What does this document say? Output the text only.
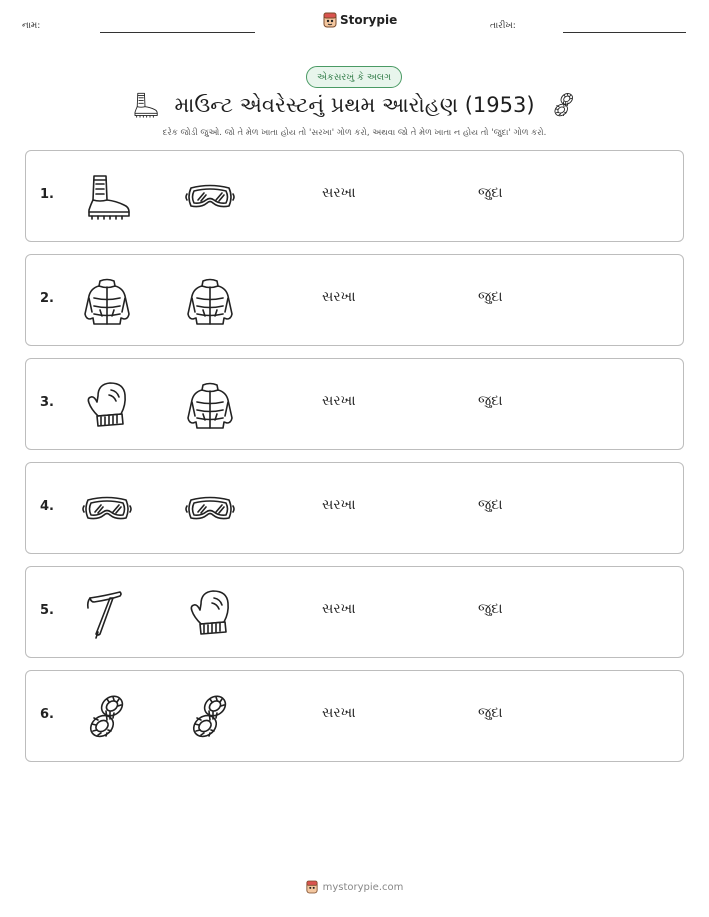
નામ:	Storypie	તારીખ:
એકસરખું કે અલગ
માઉન્ટ એવરેસ્ટનું પ્રથમ આરોહણ (1953)
દરેક જોડી જુઓ. જો તે મેળ ખાતા હોય તો 'સરખા' ગોળ કરો, અથવા જો તે મેળ ખાતા ન હોય તો 'જુદા' ગોળ કરો.
1.	સરખા	જુદા
2.	સરખા	જુદા
3.	સરખા	જુદા
4.	સરખા	જુદા
5.	સરખા	જુદા
6.	સરખા	જુદા
mystorypie.com
